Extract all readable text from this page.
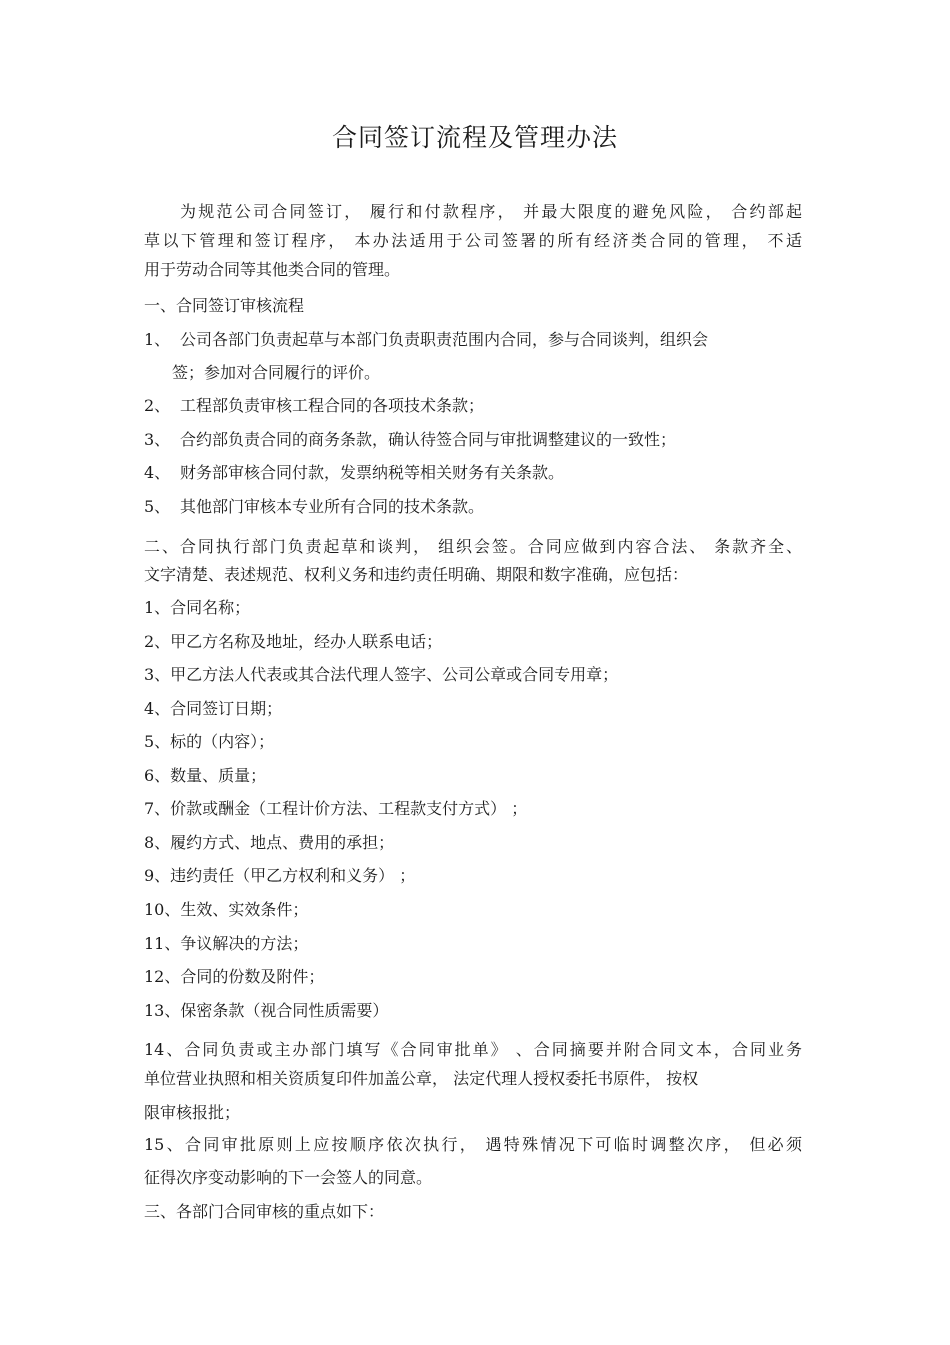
合同签订流程及管理办法
为规范公司合同签订， 履行和付款程序， 并最大限度的避免风险， 合约部起
草以下管理和签订程序， 本办法适用于公司签署的所有经济类合同的管理， 不适
用于劳动合同等其他类合同的管理。
一、合同签订审核流程
1、 公司各部门负责起草与本部门负责职责范围内合同，参与合同谈判，组织会
签；参加对合同履行的评价。
2、 工程部负责审核工程合同的各项技术条款；
3、 合约部负责合同的商务条款，确认待签合同与审批调整建议的一致性；
4、 财务部审核合同付款，发票纳税等相关财务有关条款。
5、 其他部门审核本专业所有合同的技术条款。
二、合同执行部门负责起草和谈判， 组织会签。合同应做到内容合法、 条款齐全、
文字清楚、表述规范、权利义务和违约责任明确、期限和数字准确，应包括：
1、合同名称；
2、甲乙方名称及地址，经办人联系电话；
3、甲乙方法人代表或其合法代理人签字、公司公章或合同专用章；
4、合同签订日期；
5、标的（内容）；
6、数量、质量；
7、价款或酬金（工程计价方法、工程款支付方式） ；
8、履约方式、地点、费用的承担；
9、违约责任（甲乙方权利和义务） ；
10、生效、实效条件；
11、争议解决的方法；
12、合同的份数及附件；
13、保密条款（视合同性质需要）
14、合同负责或主办部门填写《合同审批单》 、合同摘要并附合同文本，合同业务
单位营业执照和相关资质复印件加盖公章， 法定代理人授权委托书原件， 按权
限审核报批；
15、合同审批原则上应按顺序依次执行， 遇特殊情况下可临时调整次序， 但必须
征得次序变动影响的下一会签人的同意。
三、各部门合同审核的重点如下：
